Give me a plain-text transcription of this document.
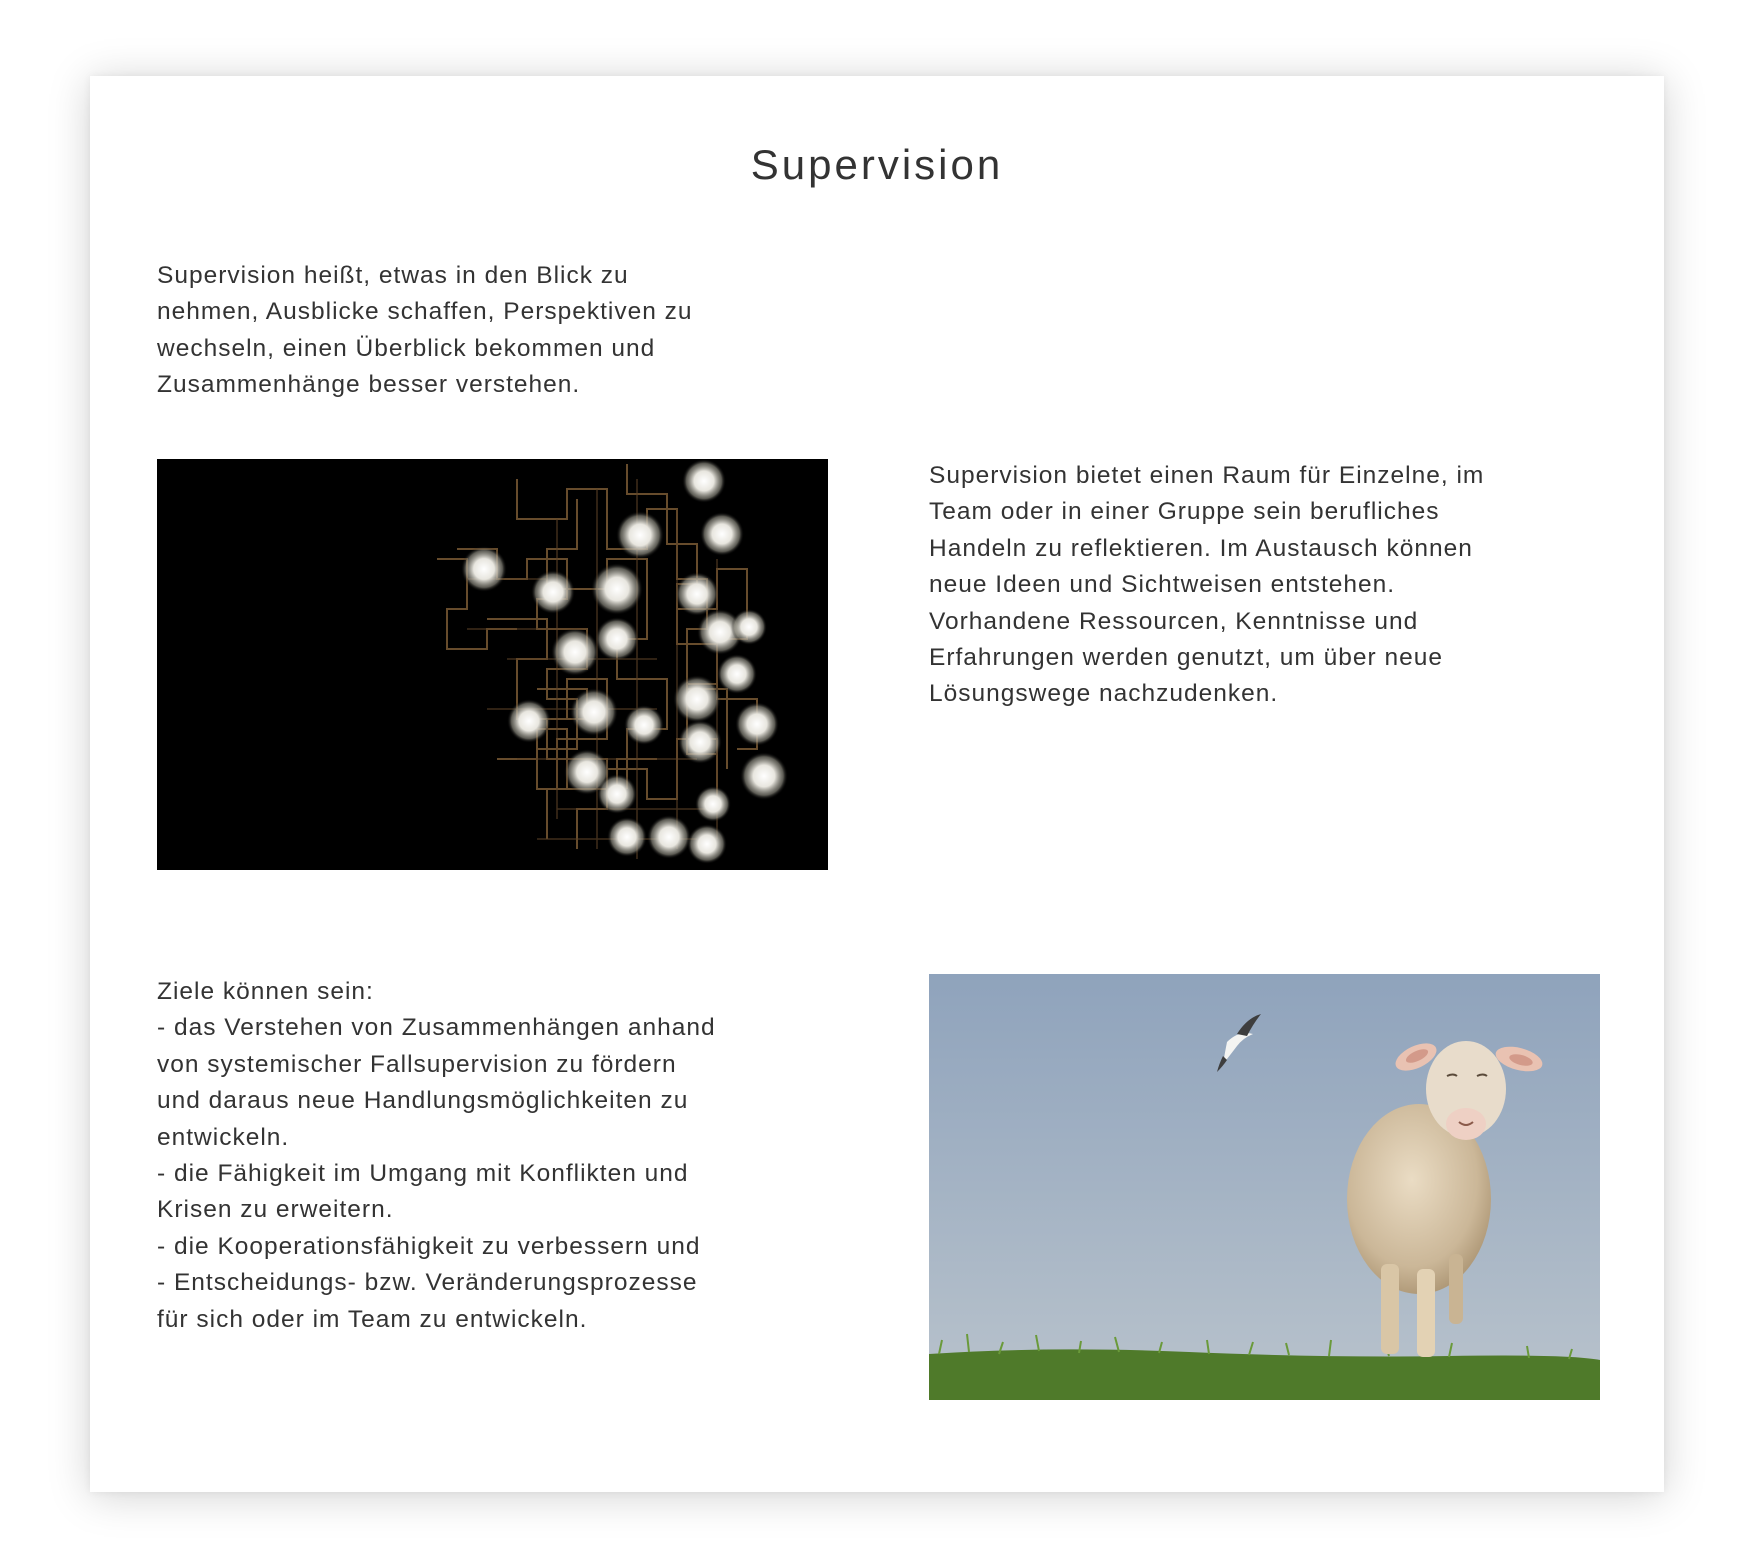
Supervision

Supervision heißt, etwas in den Blick zu
nehmen, Ausblicke schaffen, Perspektiven zu
wechseln, einen Überblick bekommen und
Zusammenhänge besser verstehen.

Supervision bietet einen Raum für Einzelne, im
Team oder in einer Gruppe sein berufliches
Handeln zu reflektieren. Im Austausch können
neue Ideen und Sichtweisen entstehen.
Vorhandene Ressourcen, Kenntnisse und
Erfahrungen werden genutzt, um über neue
Lösungswege nachzudenken.

Ziele können sein:
- das Verstehen von Zusammenhängen anhand
von systemischer Fallsupervision zu fördern
und daraus neue Handlungsmöglichkeiten zu
entwickeln.
- die Fähigkeit im Umgang mit Konflikten und
Krisen zu erweitern.
- die Kooperationsfähigkeit zu verbessern und
- Entscheidungs- bzw. Veränderungsprozesse
für sich oder im Team zu entwickeln.
